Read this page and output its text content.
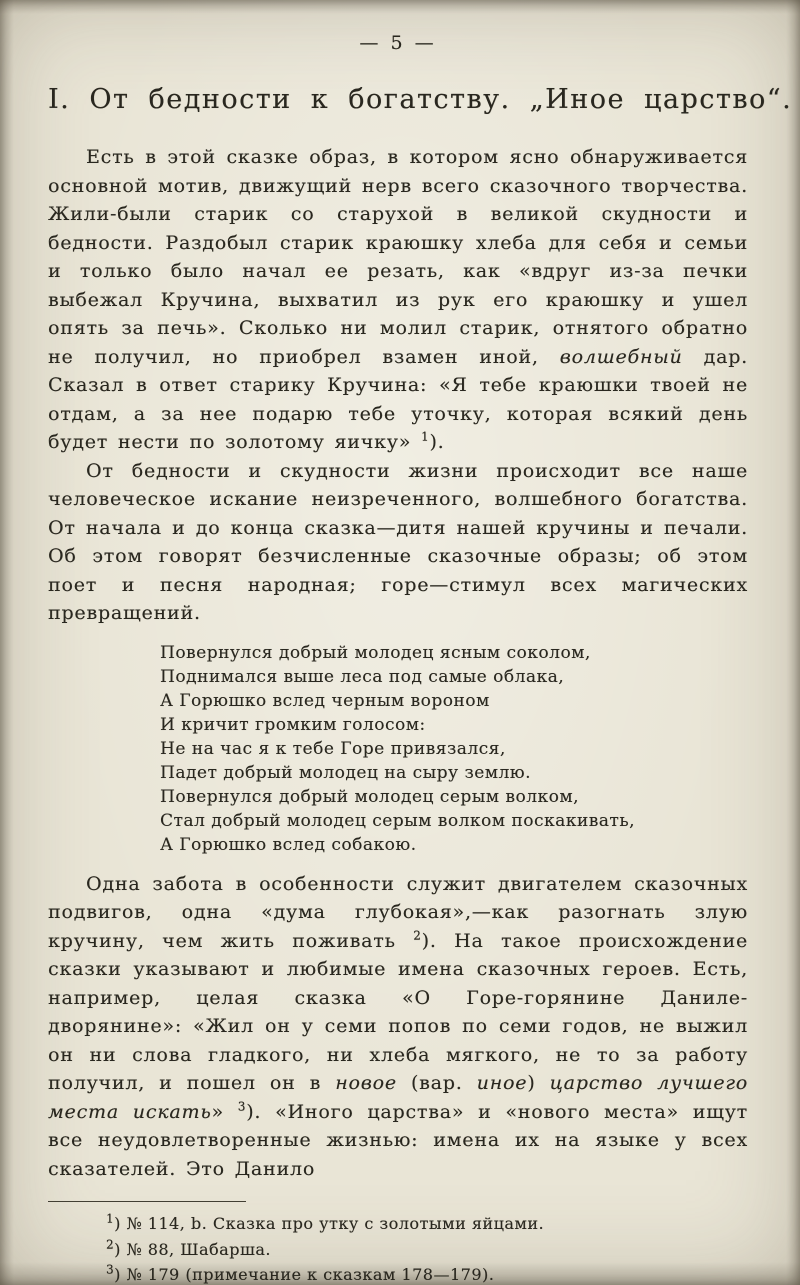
— 5 —
I. От бедности к богатству. „Иное царство“.

Есть в этой сказке образ, в котором ясно обнаруживается основной мотив, движущий нерв всего сказочного творчества. Жили-были старик со старухой в великой скудности и бедности. Раздобыл старик краюшку хлеба для себя и семьи и только было начал ее резать, как «вдруг из-за печки выбежал Кручина, выхватил из рук его краюшку и ушел опять за печь». Сколько ни молил старик, отнятого обратно не получил, но приобрел взамен иной, волшебный дар. Сказал в ответ старику Кручина: «Я тебе краюшки твоей не отдам, а за нее подарю тебе уточку, которая всякий день будет нести по золотому яичку» $^1$).

От бедности и скудности жизни происходит все наше человеческое искание неизреченного, волшебного богатства. От начала и до конца сказка—дитя нашей кручины и печали. Об этом говорят безчисленные сказочные образы; об этом поет и песня народная; горе—стимул всех магических превращений.

Повернулся добрый молодец ясным соколом,
Поднимался выше леса под самые облака,
А Горюшко вслед черным вороном
И кричит громким голосом:
Не на час я к тебе Горе привязался,
Падет добрый молодец на сыру землю.
Повернулся добрый молодец серым волком,
Стал добрый молодец серым волком поскакивать,
А Горюшко вслед собакою.

Одна забота в особенности служит двигателем сказочных подвигов, одна «дума глубокая»,—как разогнать злую кручину, чем жить поживать $^2$). На такое происхождение сказки указывают и любимые имена сказочных героев. Есть, например, целая сказка «О Горе-горянине Даниле-дворянине»: «Жил он у семи попов по семи годов, не выжил он ни слова гладкого, ни хлеба мягкого, не то за работу получил, и пошел он в новое (вар. иное) царство лучшего места искать» $^3$). «Иного царства» и «нового места» ищут все неудовлетворенные жизнью: имена их на языке у всех сказателей. Это Данило

$^1$) № 114, b. Сказка про утку с золотыми яйцами.
$^2$) № 88, Шабарша.
$^3$) № 179 (примечание к сказкам 178—179).
